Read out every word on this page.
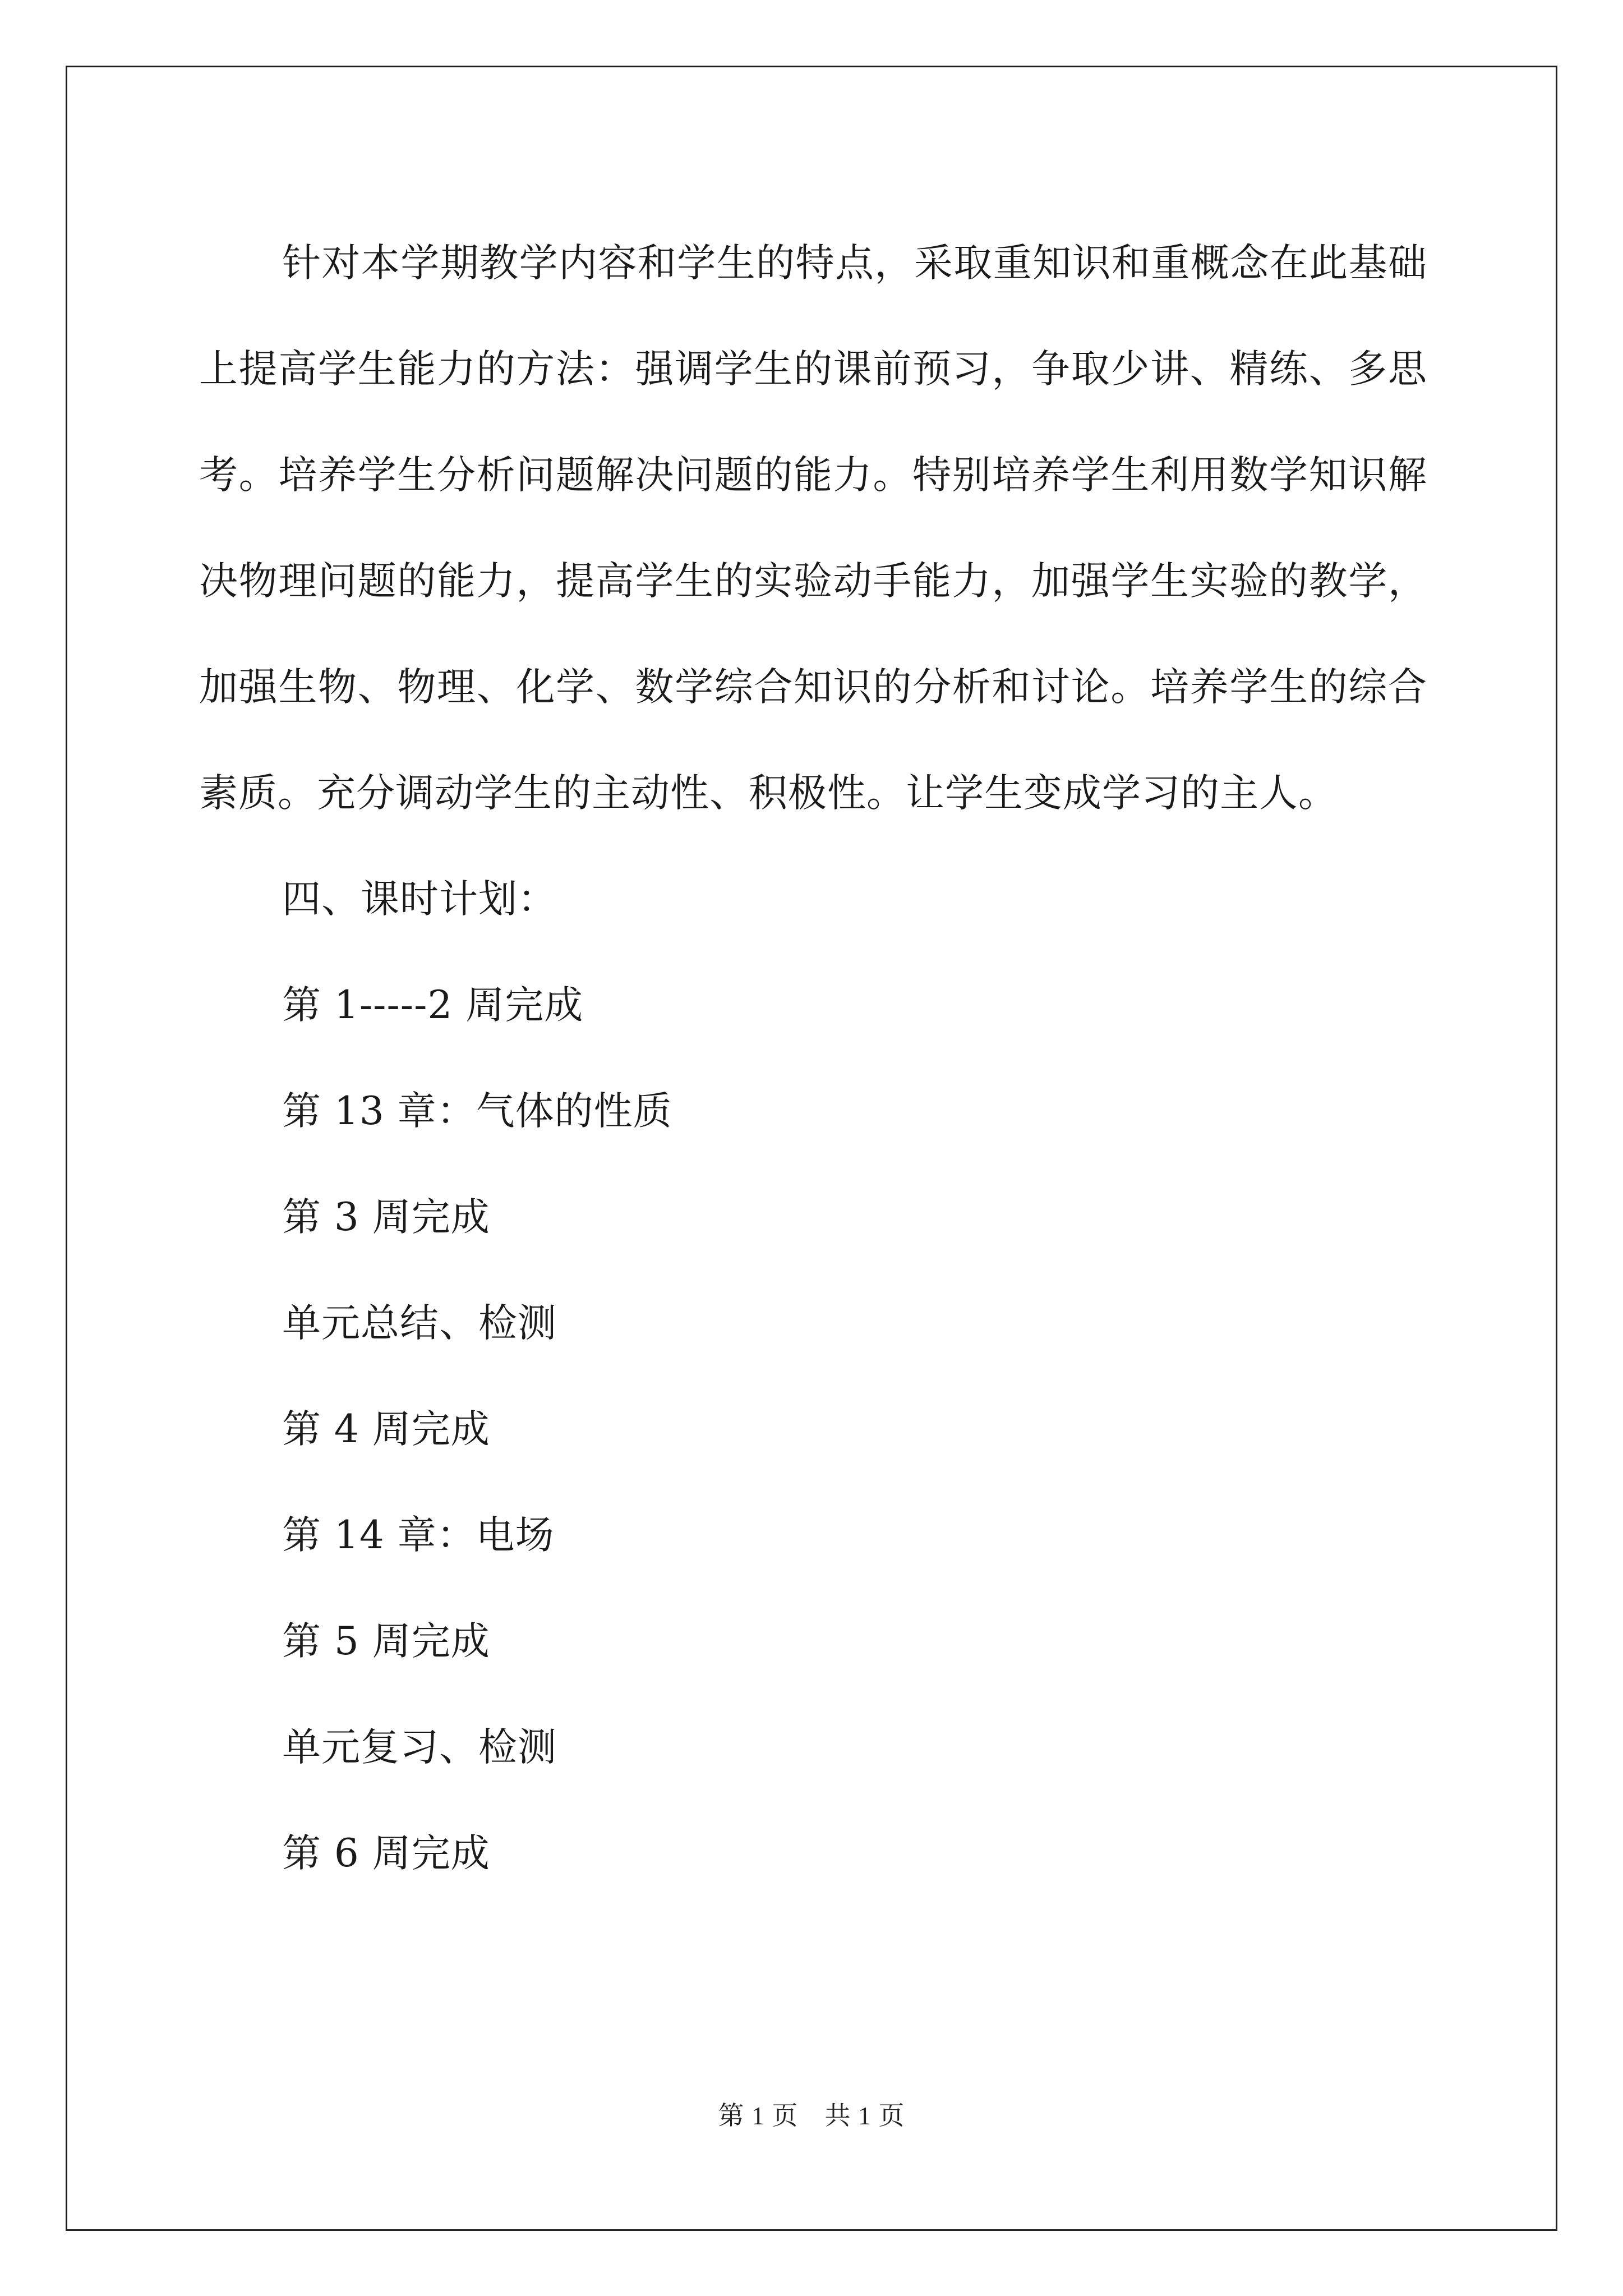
针对本学期教学内容和学生的特点，采取重知识和重概念在此基础上提高学生能力的方法：强调学生的课前预习，争取少讲、精练、多思考。培养学生分析问题解决问题的能力。特别培养学生利用数学知识解决物理问题的能力，提高学生的实验动手能力，加强学生实验的教学，加强生物、物理、化学、数学综合知识的分析和讨论。培养学生的综合素质。充分调动学生的主动性、积极性。让学生变成学习的主人。

四、课时计划：

第 1-----2 周完成

第 13 章：气体的性质

第 3 周完成

单元总结、检测

第 4 周完成

第 14 章：电场

第 5 周完成

单元复习、检测

第 6 周完成

第 1 页　共 1 页
